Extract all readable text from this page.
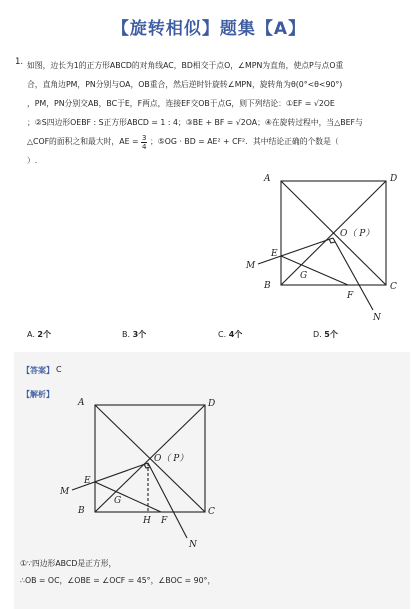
【旋转相似】题集【A】
1. 如图，边长为1的正方形ABCD的对角线AC，BD相交于点O，∠MPN为直角，使点P与点O重
合，直角边PM，PN分别与OA，OB重合，然后逆时针旋转∠MPN，旋转角为θ(0°<θ<90°)
，PM，PN分别交AB，BC于E，F两点，连接EF交OB于点G，则下列结论：①EF = √2OE
；②S四边形OEBF : S正方形ABCD = 1 : 4；③BE + BF = √2OA；④在旋转过程中，当△BEF与
△COF的面积之和最大时，AE = $\frac{3}{4}$ ；⑤OG · BD = AE² + CF²．其中结论正确的个数是（
）.
A	D
B	C
O（ P）
M
N
E
F
G
A. 2个	B. 3个	C. 4个	D. 5个
【答案】 C
【解析】
A	D
B	C
O（ P）
M
N
E
F
G
H
①∵四边形ABCD是正方形，
∴OB = OC，∠OBE = ∠OCF = 45°，∠BOC = 90°，
